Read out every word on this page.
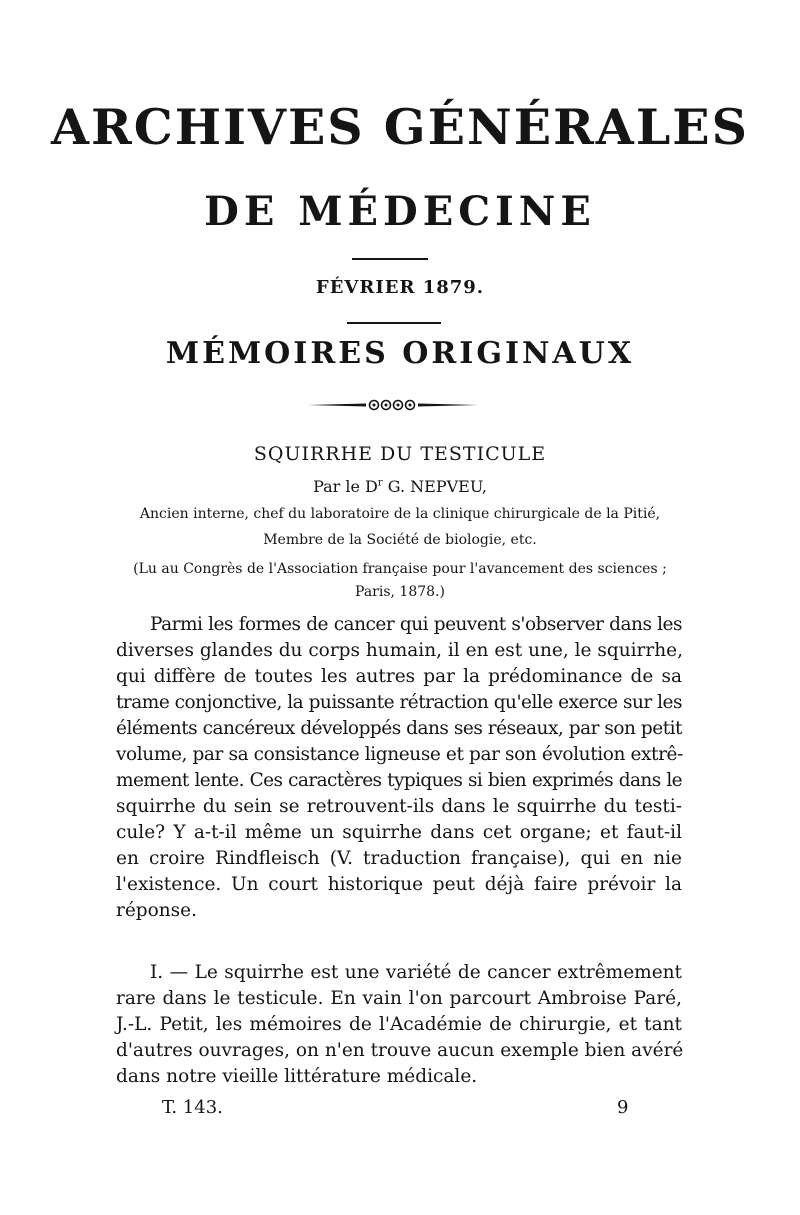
ARCHIVES GÉNÉRALES
DE MÉDECINE
FÉVRIER 1879.
MÉMOIRES ORIGINAUX
SQUIRRHE DU TESTICULE
Par le $D^r$ G. NEPVEU,
Ancien interne, chef du laboratoire de la clinique chirurgicale de la Pitié,
Membre de la Société de biologie, etc.
(Lu au Congrès de l'Association française pour l'avancement des sciences ;
Paris, 1878.)
Parmi les formes de cancer qui peuvent s'observer dans les
diverses glandes du corps humain, il en est une, le squirrhe,
qui diffère de toutes les autres par la prédominance de sa
trame conjonctive, la puissante rétraction qu'elle exerce sur les
éléments cancéreux développés dans ses réseaux, par son petit
volume, par sa consistance ligneuse et par son évolution extrê-
mement lente. Ces caractères typiques si bien exprimés dans le
squirrhe du sein se retrouvent-ils dans le squirrhe du testi-
cule? Y a-t-il même un squirrhe dans cet organe; et faut-il
en croire Rindfleisch (V. traduction française), qui en nie
l'existence. Un court historique peut déjà faire prévoir la
réponse.
I. — Le squirrhe est une variété de cancer extrêmement
rare dans le testicule. En vain l'on parcourt Ambroise Paré,
J.-L. Petit, les mémoires de l'Académie de chirurgie, et tant
d'autres ouvrages, on n'en trouve aucun exemple bien avéré
dans notre vieille littérature médicale.
T. 143.	9
